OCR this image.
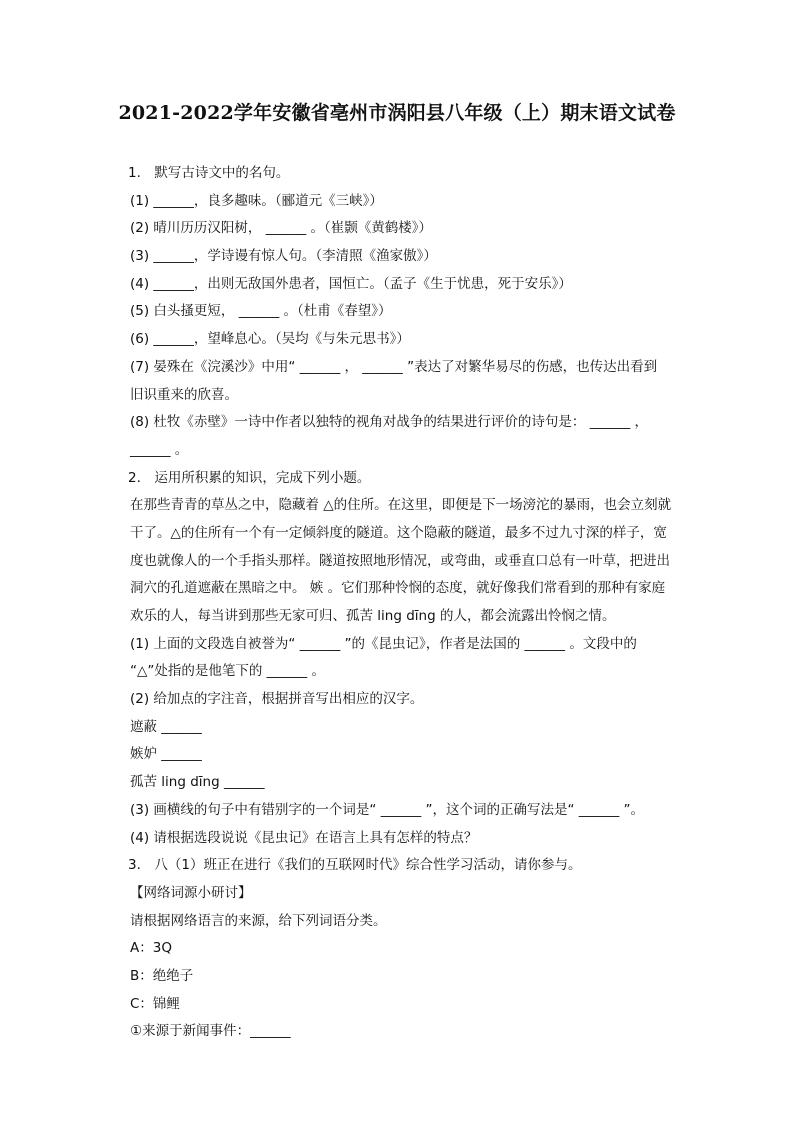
2021-2022学年安徽省亳州市涡阳县八年级（上）期末语文试卷
1.　默写古诗文中的名句。
(1) ______，良多趣味。（郦道元《三峡》）
(2) 晴川历历汉阳树， ______ 。（崔颢《黄鹤楼》）
(3) ______，学诗谩有惊人句。（李清照《渔家傲》）
(4) ______，出则无敌国外患者，国恒亡。（孟子《生于忧患，死于安乐》）
(5) 白头搔更短， ______ 。（杜甫《春望》）
(6) ______，望峰息心。（吴均《与朱元思书》）
(7) 晏殊在《浣溪沙》中用“ ______ ， ______ ”表达了对繁华易尽的伤感，也传达出看到
旧识重来的欣喜。
(8) 杜牧《赤壁》一诗中作者以独特的视角对战争的结果进行评价的诗句是： ______ ，
______ 。
2.　运用所积累的知识，完成下列小题。
在那些青青的草丛之中，隐藏着 △的住所。在这里，即便是下一场滂沱的暴雨，也会立刻就
干了。△的住所有一个有一定倾斜度的隧道。这个隐蔽的隧道，最多不过九寸深的样子，宽
度也就像人的一个手指头那样。隧道按照地形情况，或弯曲，或垂直口总有一叶草，把进出
洞穴的孔道遮蔽在黑暗之中。 嫉 。它们那种怜悯的态度，就好像我们常看到的那种有家庭
欢乐的人，每当讲到那些无家可归、孤苦 ling dīng 的人，都会流露出怜悯之情。
(1) 上面的文段选自被誉为“ ______ ”的《昆虫记》，作者是法国的 ______ 。文段中的
“△”处指的是他笔下的 ______ 。
(2) 给加点的字注音，根据拼音写出相应的汉字。
遮蔽 ______
嫉妒 ______
孤苦 ling dīng ______
(3) 画横线的句子中有错别字的一个词是“ ______ ”，这个词的正确写法是“ ______ ”。
(4) 请根据选段说说《昆虫记》在语言上具有怎样的特点？
3.　八（1）班正在进行《我们的互联网时代》综合性学习活动，请你参与。
【网络词源小研讨】
请根据网络语言的来源，给下列词语分类。
A：3Q
B：绝绝子
C：锦鲤
①来源于新闻事件：______
